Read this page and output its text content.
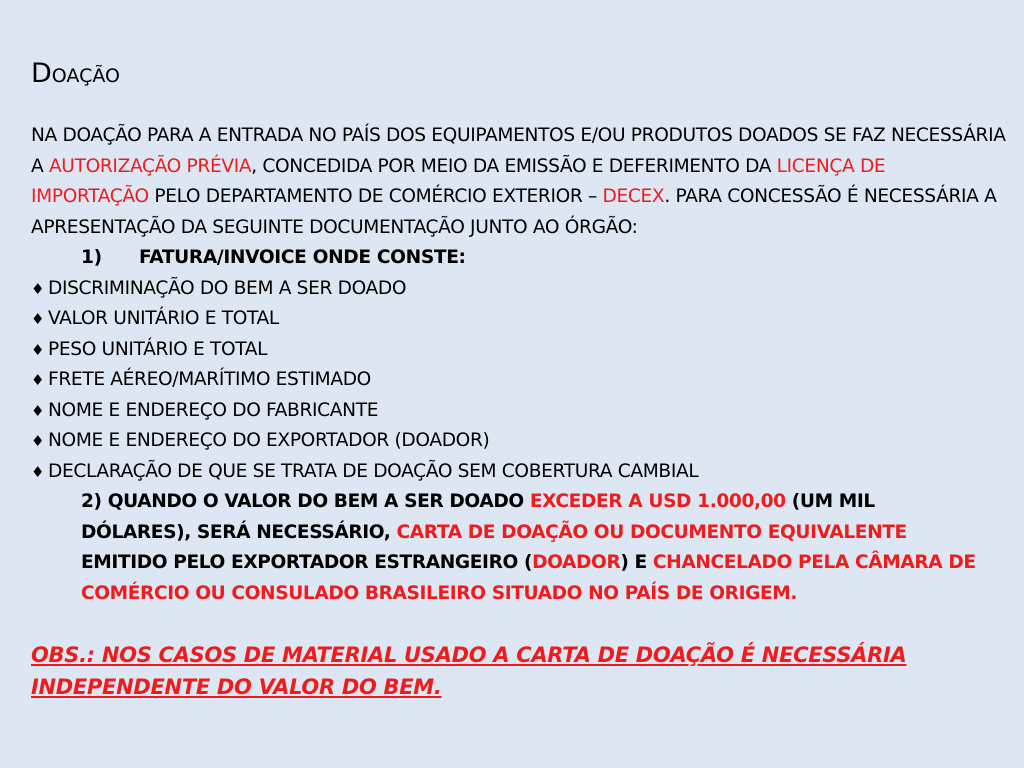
DOAÇÃO
NA DOAÇÃO PARA A ENTRADA NO PAÍS DOS EQUIPAMENTOS E/OU PRODUTOS DOADOS SE FAZ NECESSÁRIA A AUTORIZAÇÃO PRÉVIA, CONCEDIDA POR MEIO DA EMISSÃO E DEFERIMENTO DA LICENÇA DE IMPORTAÇÃO PELO DEPARTAMENTO DE COMÉRCIO EXTERIOR – DECEX. PARA CONCESSÃO É NECESSÁRIA A APRESENTAÇÃO DA SEGUINTE DOCUMENTAÇÃO JUNTO AO ÓRGÃO:
1) FATURA/INVOICE ONDE CONSTE:
♦ DISCRIMINAÇÃO DO BEM A SER DOADO
♦ VALOR UNITÁRIO E TOTAL
♦ PESO UNITÁRIO E TOTAL
♦ FRETE AÉREO/MARÍTIMO ESTIMADO
♦ NOME E ENDEREÇO DO FABRICANTE
♦ NOME E ENDEREÇO DO EXPORTADOR (DOADOR)
♦ DECLARAÇÃO DE QUE SE TRATA DE DOAÇÃO SEM COBERTURA CAMBIAL
2) QUANDO O VALOR DO BEM A SER DOADO EXCEDER A USD 1.000,00 (UM MIL DÓLARES), SERÁ NECESSÁRIO, CARTA DE DOAÇÃO OU DOCUMENTO EQUIVALENTE EMITIDO PELO EXPORTADOR ESTRANGEIRO (DOADOR) E CHANCELADO PELA CÂMARA DE COMÉRCIO OU CONSULADO BRASILEIRO SITUADO NO PAÍS DE ORIGEM.
OBS.: NOS CASOS DE MATERIAL USADO A CARTA DE DOAÇÃO É NECESSÁRIA INDEPENDENTE DO VALOR DO BEM.
